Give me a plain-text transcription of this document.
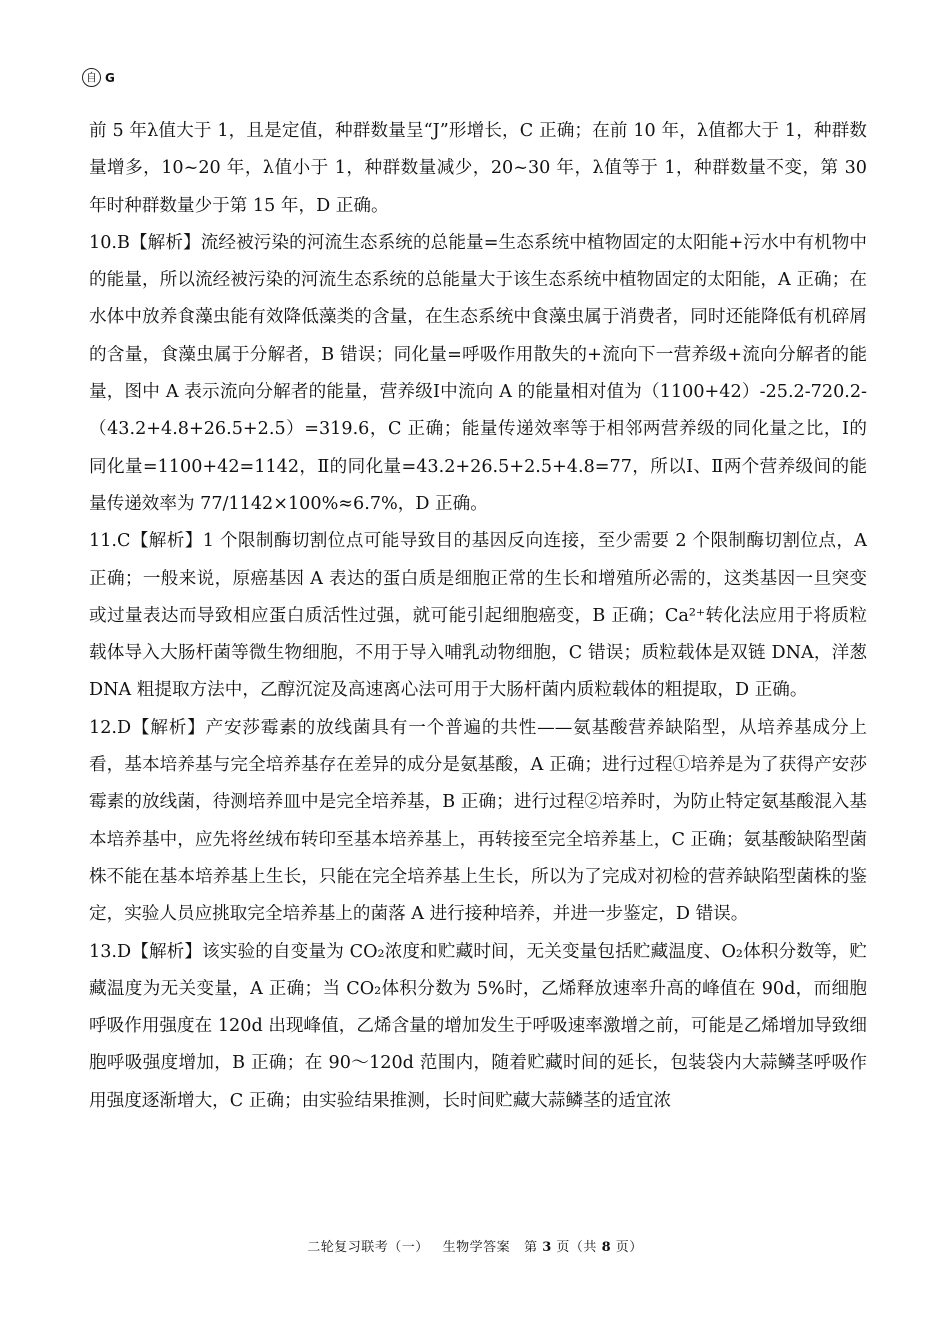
自 G

前 5 年λ值大于 1，且是定值，种群数量呈“J”形增长，C 正确；在前 10 年，λ值都大于 1，种群数量增多，10~20 年，λ值小于 1，种群数量减少，20~30 年，λ值等于 1，种群数量不变，第 30 年时种群数量少于第 15 年，D 正确。

10.B【解析】流经被污染的河流生态系统的总能量=生态系统中植物固定的太阳能+污水中有机物中的能量，所以流经被污染的河流生态系统的总能量大于该生态系统中植物固定的太阳能，A 正确；在水体中放养食藻虫能有效降低藻类的含量，在生态系统中食藻虫属于消费者，同时还能降低有机碎屑的含量，食藻虫属于分解者，B 错误；同化量=呼吸作用散失的+流向下一营养级+流向分解者的能量，图中 A 表示流向分解者的能量，营养级Ⅰ中流向 A 的能量相对值为（1100+42）-25.2-720.2-（43.2+4.8+26.5+2.5）=319.6，C 正确；能量传递效率等于相邻两营养级的同化量之比，Ⅰ的同化量=1100+42=1142，Ⅱ的同化量=43.2+26.5+2.5+4.8=77，所以Ⅰ、Ⅱ两个营养级间的能量传递效率为 77/1142×100%≈6.7%，D 正确。

11.C【解析】1 个限制酶切割位点可能导致目的基因反向连接，至少需要 2 个限制酶切割位点，A 正确；一般来说，原癌基因 A 表达的蛋白质是细胞正常的生长和增殖所必需的，这类基因一旦突变或过量表达而导致相应蛋白质活性过强，就可能引起细胞癌变，B 正确；Ca²⁺转化法应用于将质粒载体导入大肠杆菌等微生物细胞，不用于导入哺乳动物细胞，C 错误；质粒载体是双链 DNA，洋葱 DNA 粗提取方法中，乙醇沉淀及高速离心法可用于大肠杆菌内质粒载体的粗提取，D 正确。

12.D【解析】产安莎霉素的放线菌具有一个普遍的共性——氨基酸营养缺陷型，从培养基成分上看，基本培养基与完全培养基存在差异的成分是氨基酸，A 正确；进行过程①培养是为了获得产安莎霉素的放线菌，待测培养皿中是完全培养基，B 正确；进行过程②培养时，为防止特定氨基酸混入基本培养基中，应先将丝绒布转印至基本培养基上，再转接至完全培养基上，C 正确；氨基酸缺陷型菌株不能在基本培养基上生长，只能在完全培养基上生长，所以为了完成对初检的营养缺陷型菌株的鉴定，实验人员应挑取完全培养基上的菌落 A 进行接种培养，并进一步鉴定，D 错误。

13.D【解析】该实验的自变量为 CO₂浓度和贮藏时间，无关变量包括贮藏温度、O₂体积分数等，贮藏温度为无关变量，A 正确；当 CO₂体积分数为 5%时，乙烯释放速率升高的峰值在 90d，而细胞呼吸作用强度在 120d 出现峰值，乙烯含量的增加发生于呼吸速率激增之前，可能是乙烯增加导致细胞呼吸强度增加，B 正确；在 90～120d 范围内，随着贮藏时间的延长，包装袋内大蒜鳞茎呼吸作用强度逐渐增大，C 正确；由实验结果推测，长时间贮藏大蒜鳞茎的适宜浓

二轮复习联考（一） 生物学答案 第 3 页（共 8 页）
